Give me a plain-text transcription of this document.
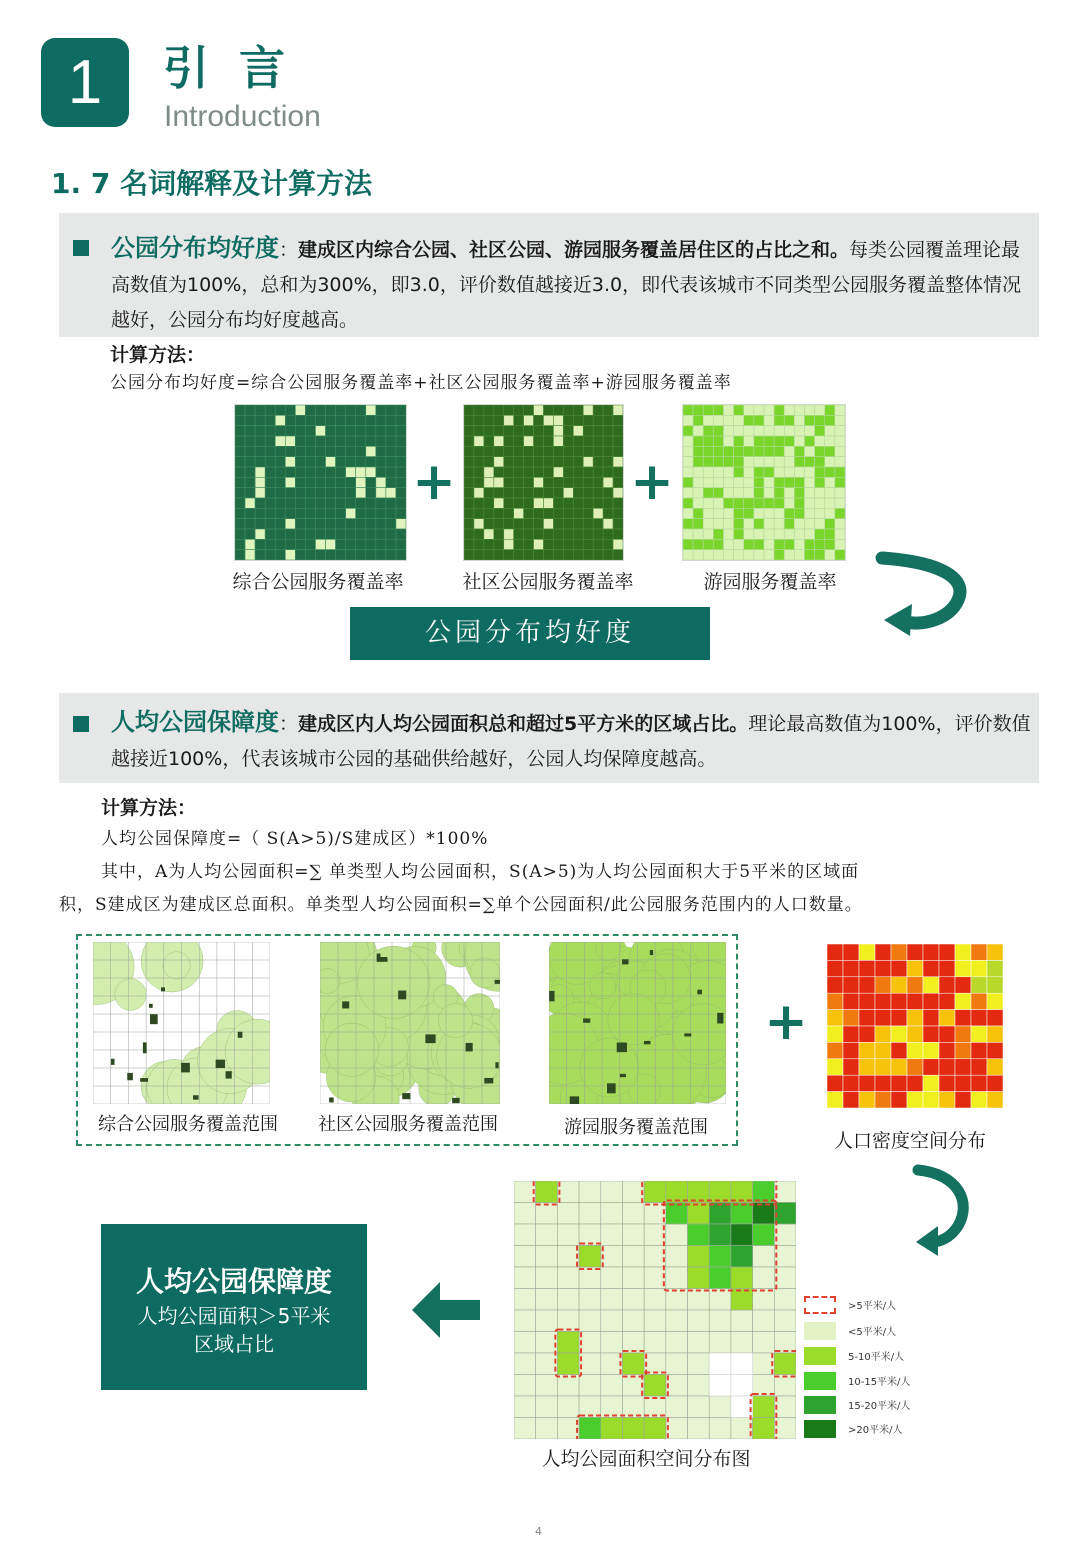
1	引言
Introduction
1. 7 名词解释及计算方法
公园分布均好度：建成区内综合公园、社区公园、游园服务覆盖居住区的占比之和。每类公园覆盖理论最高数值为100%，总和为300%，即3.0，评价数值越接近3.0，即代表该城市不同类型公园服务覆盖整体情况越好，公园分布均好度越高。
计算方法：
公园分布均好度=综合公园服务覆盖率+社区公园服务覆盖率+游园服务覆盖率
+	+
综合公园服务覆盖率	社区公园服务覆盖率	游园服务覆盖率
公园分布均好度
人均公园保障度：建成区内人均公园面积总和超过5平方米的区域占比。理论最高数值为100%，评价数值越接近100%，代表该城市公园的基础供给越好，公园人均保障度越高。
计算方法：
人均公园保障度=（ S(A>5)/S建成区）*100%
其中，A为人均公园面积=∑ 单类型人均公园面积，S(A>5)为人均公园面积大于5平米的区域面
积，S建成区为建成区总面积。单类型人均公园面积=∑单个公园面积/此公园服务范围内的人口数量。
综合公园服务覆盖范围	社区公园服务覆盖范围	游园服务覆盖范围
+
人口密度空间分布
人均公园面积空间分布图
>5平米/人
<5平米/人
5-10平米/人
10-15平米/人
15-20平米/人
>20平米/人
人均公园保障度
人均公园面积＞5平米
区域占比
4
